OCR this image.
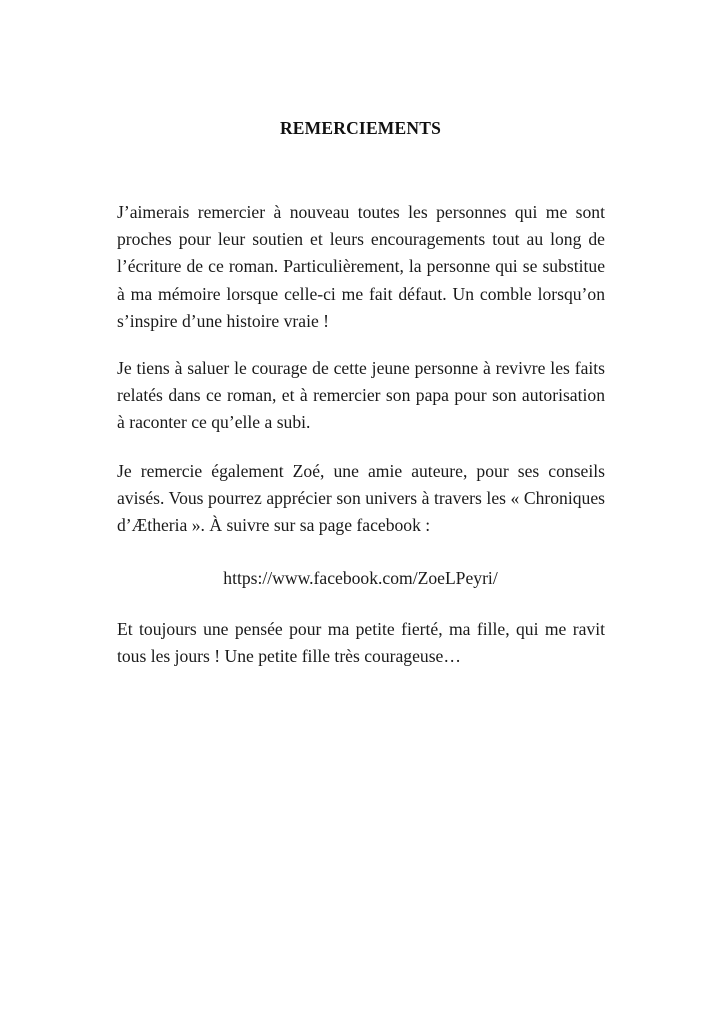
REMERCIEMENTS

J’aimerais remercier à nouveau toutes les personnes qui me sont proches pour leur soutien et leurs encouragements tout au long de l’écriture de ce roman. Particulièrement, la personne qui se substitue à ma mémoire lorsque celle-ci me fait défaut. Un comble lorsqu’on s’inspire d’une histoire vraie !

Je tiens à saluer le courage de cette jeune personne à revivre les faits relatés dans ce roman, et à remercier son papa pour son autorisation à raconter ce qu’elle a subi.

Je remercie également Zoé, une amie auteure, pour ses conseils avisés. Vous pourrez apprécier son univers à travers les « Chroniques d’Ætheria ». À suivre sur sa page facebook :

https://www.facebook.com/ZoeLPeyri/

Et toujours une pensée pour ma petite fierté, ma fille, qui me ravit tous les jours ! Une petite fille très courageuse…
